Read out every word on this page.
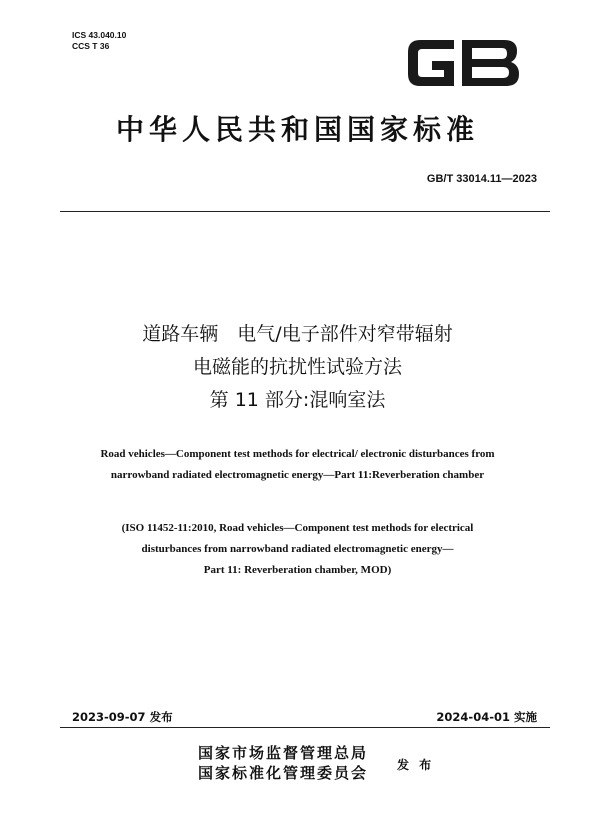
ICS 43.040.10
CCS T 36
中华人民共和国国家标准
GB/T 33014.11—2023
道路车辆　电气/电子部件对窄带辐射
电磁能的抗扰性试验方法
第 11 部分:混响室法
Road vehicles—Component test methods for electrical/ electronic disturbances from
narrowband radiated electromagnetic energy—Part 11:Reverberation chamber
(ISO 11452-11:2010, Road vehicles—Component test methods for electrical
disturbances from narrowband radiated electromagnetic energy—
Part 11: Reverberation chamber, MOD)
2023-09-07 发布	2024-04-01 实施
国家市场监督管理总局
国家标准化管理委员会 发 布
